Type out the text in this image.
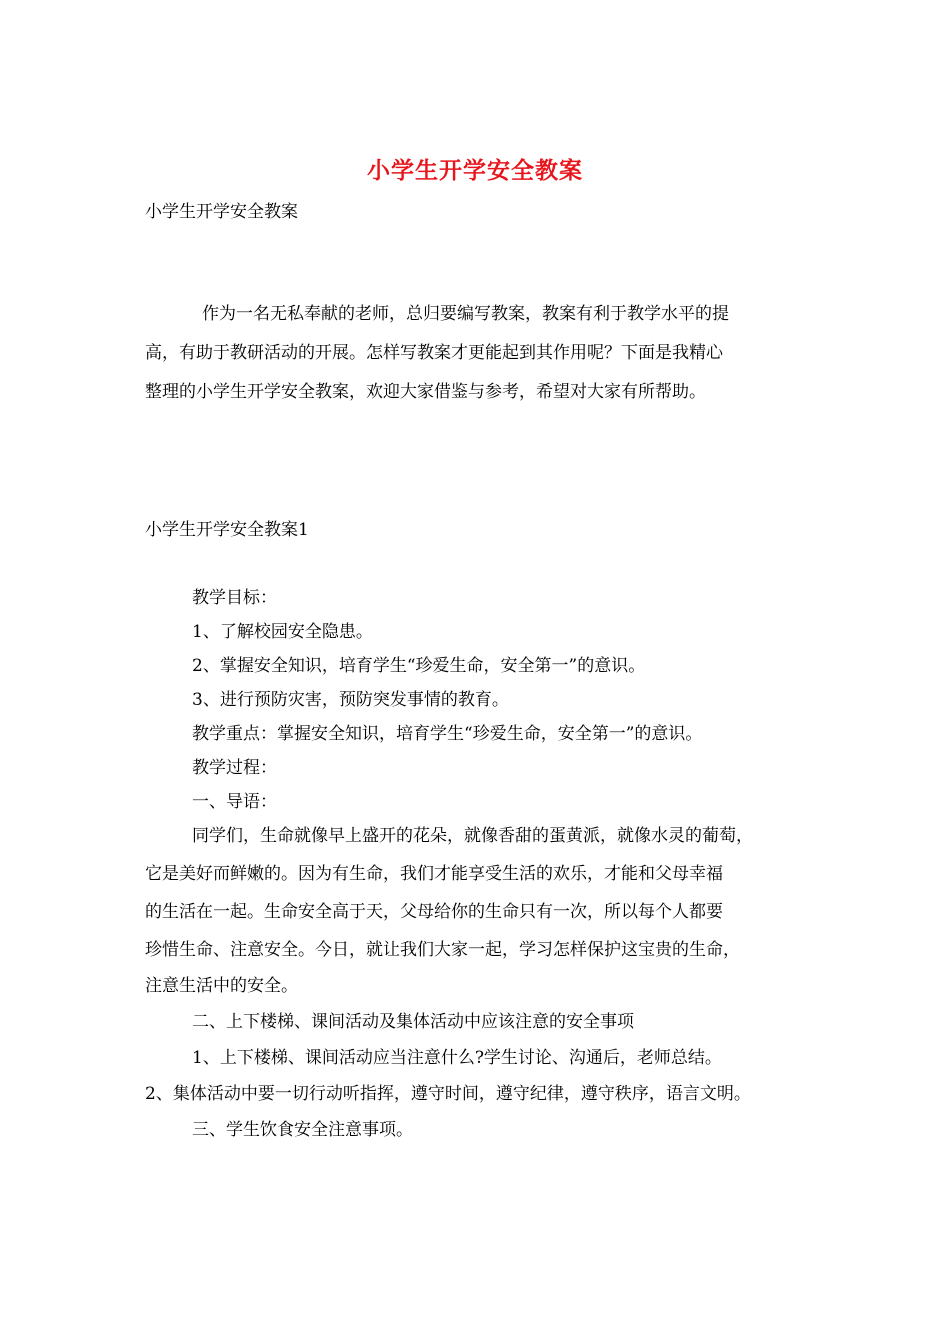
小学生开学安全教案
小学生开学安全教案
作为一名无私奉献的老师，总归要编写教案，教案有利于教学水平的提
高，有助于教研活动的开展。怎样写教案才更能起到其作用呢？下面是我精心
整理的小学生开学安全教案，欢迎大家借鉴与参考，希望对大家有所帮助。
小学生开学安全教案1
教学目标：
1、了解校园安全隐患。
2、掌握安全知识，培育学生“珍爱生命，安全第一”的意识。
3、进行预防灾害，预防突发事情的教育。
教学重点：掌握安全知识，培育学生“珍爱生命，安全第一”的意识。
教学过程：
一、导语：
同学们，生命就像早上盛开的花朵，就像香甜的蛋黄派，就像水灵的葡萄，
它是美好而鲜嫩的。因为有生命，我们才能享受生活的欢乐，才能和父母幸福
的生活在一起。生命安全高于天，父母给你的生命只有一次，所以每个人都要
珍惜生命、注意安全。今日，就让我们大家一起，学习怎样保护这宝贵的生命，
注意生活中的安全。
二、上下楼梯、课间活动及集体活动中应该注意的安全事项
1、上下楼梯、课间活动应当注意什么?学生讨论、沟通后，老师总结。
2、集体活动中要一切行动听指挥，遵守时间，遵守纪律，遵守秩序，语言文明。
三、学生饮食安全注意事项。
